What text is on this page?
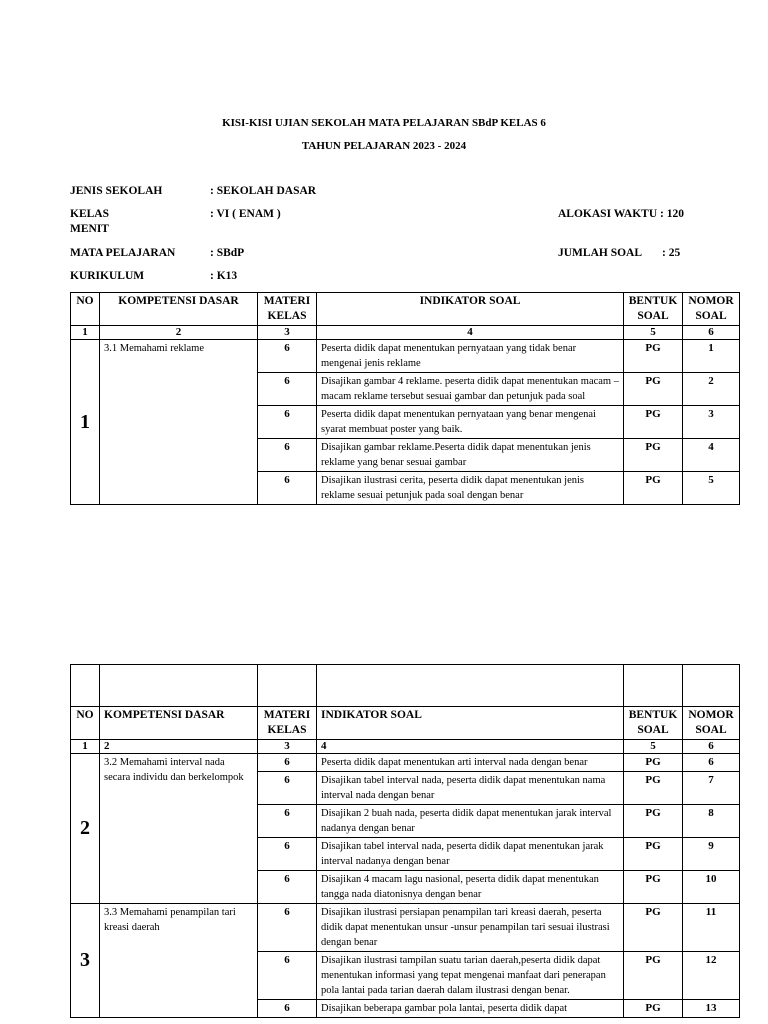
KISI-KISI UJIAN SEKOLAH MATA PELAJARAN SBdP KELAS 6
TAHUN PELAJARAN 2023 - 2024
JENIS SEKOLAH	: SEKOLAH DASAR
KELAS	: VI ( ENAM )	ALOKASI WAKTU : 120
MENIT
MATA PELAJARAN	: SBdP	JUMLAH SOAL : 25
KURIKULUM	: K13
NO	KOMPETENSI DASAR	MATERI KELAS	INDIKATOR SOAL	BENTUK SOAL	NOMOR SOAL
1	2	3	4	5	6
1	3.1 Memahami reklame	6	Peserta didik dapat menentukan pernyataan yang tidak benar mengenai jenis reklame	PG	1
		6	Disajikan gambar 4 reklame. peserta didik dapat menentukan macam – macam reklame tersebut sesuai gambar dan petunjuk pada soal	PG	2
		6	Peserta didik dapat menentukan pernyataan yang benar mengenai syarat membuat poster yang baik.	PG	3
		6	Disajikan gambar reklame.Peserta didik dapat menentukan jenis reklame yang benar sesuai gambar	PG	4
		6	Disajikan ilustrasi cerita, peserta didik dapat menentukan jenis reklame sesuai petunjuk pada soal dengan benar	PG	5

NO	KOMPETENSI DASAR	MATERI KELAS	INDIKATOR SOAL	BENTUK SOAL	NOMOR SOAL
1	2	3	4	5	6
2	3.2 Memahami interval nada secara individu dan berkelompok	6	Peserta didik dapat menentukan arti interval nada dengan benar	PG	6
		6	Disajikan tabel interval nada, peserta didik dapat menentukan nama interval nada dengan benar	PG	7
		6	Disajikan 2 buah nada, peserta didik dapat menentukan jarak interval nadanya dengan benar	PG	8
		6	Disajikan tabel interval nada, peserta didik dapat menentukan jarak interval nadanya dengan benar	PG	9
		6	Disajikan 4 macam lagu nasional, peserta didik dapat menentukan tangga nada diatonisnya dengan benar	PG	10
3	3.3 Memahami penampilan tari kreasi daerah	6	Disajikan ilustrasi persiapan penampilan tari kreasi daerah, peserta didik dapat menentukan unsur -unsur penampilan tari sesuai ilustrasi dengan benar	PG	11
		6	Disajikan ilustrasi tampilan suatu tarian daerah,peserta didik dapat menentukan informasi yang tepat mengenai manfaat dari penerapan pola lantai pada tarian daerah dalam ilustrasi dengan benar.	PG	12
		6	Disajikan beberapa gambar pola lantai, peserta didik dapat	PG	13
